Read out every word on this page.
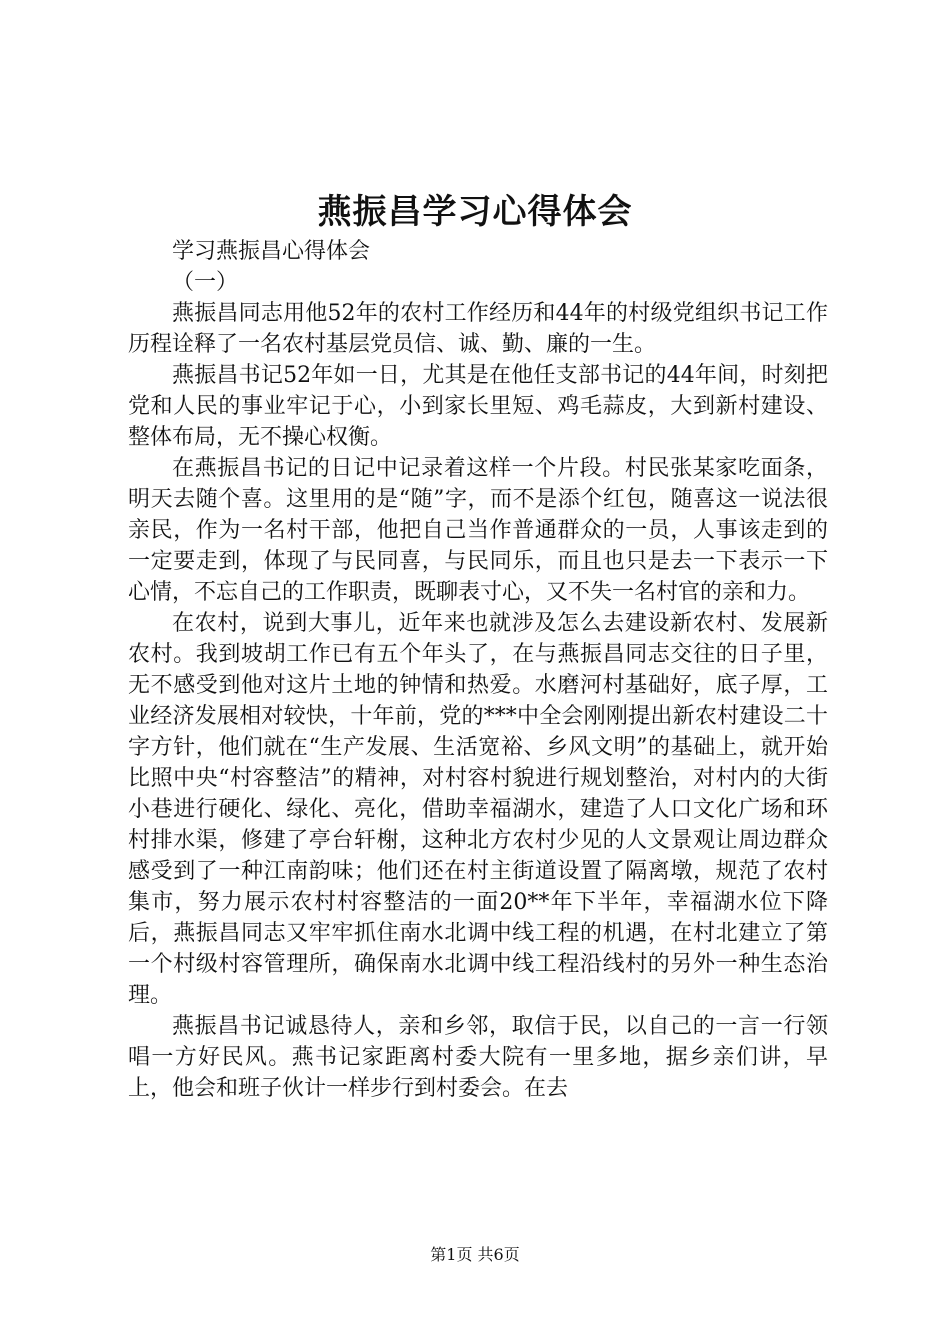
燕振昌学习心得体会

学习燕振昌心得体会

（一）

燕振昌同志用他52年的农村工作经历和44年的村级党组织书记工作历程诠释了一名农村基层党员信、诚、勤、廉的一生。

燕振昌书记52年如一日，尤其是在他任支部书记的44年间，时刻把党和人民的事业牢记于心，小到家长里短、鸡毛蒜皮，大到新村建设、整体布局，无不操心权衡。

在燕振昌书记的日记中记录着这样一个片段。村民张某家吃面条，明天去随个喜。这里用的是“随”字，而不是添个红包，随喜这一说法很亲民，作为一名村干部，他把自己当作普通群众的一员，人事该走到的一定要走到，体现了与民同喜，与民同乐，而且也只是去一下表示一下心情，不忘自己的工作职责，既聊表寸心，又不失一名村官的亲和力。

在农村，说到大事儿，近年来也就涉及怎么去建设新农村、发展新农村。我到坡胡工作已有五个年头了，在与燕振昌同志交往的日子里，无不感受到他对这片土地的钟情和热爱。水磨河村基础好，底子厚，工业经济发展相对较快，十年前，党的***中全会刚刚提出新农村建设二十字方针，他们就在“生产发展、生活宽裕、乡风文明”的基础上，就开始比照中央“村容整洁”的精神，对村容村貌进行规划整治，对村内的大街小巷进行硬化、绿化、亮化，借助幸福湖水，建造了人口文化广场和环村排水渠，修建了亭台轩榭，这种北方农村少见的人文景观让周边群众感受到了一种江南韵味；他们还在村主街道设置了隔离墩，规范了农村集市，努力展示农村村容整洁的一面20**年下半年，幸福湖水位下降后，燕振昌同志又牢牢抓住南水北调中线工程的机遇，在村北建立了第一个村级村容管理所，确保南水北调中线工程沿线村的另外一种生态治理。

燕振昌书记诚恳待人，亲和乡邻，取信于民，以自己的一言一行领唱一方好民风。燕书记家距离村委大院有一里多地，据乡亲们讲，早上，他会和班子伙计一样步行到村委会。在去

第1页 共6页
